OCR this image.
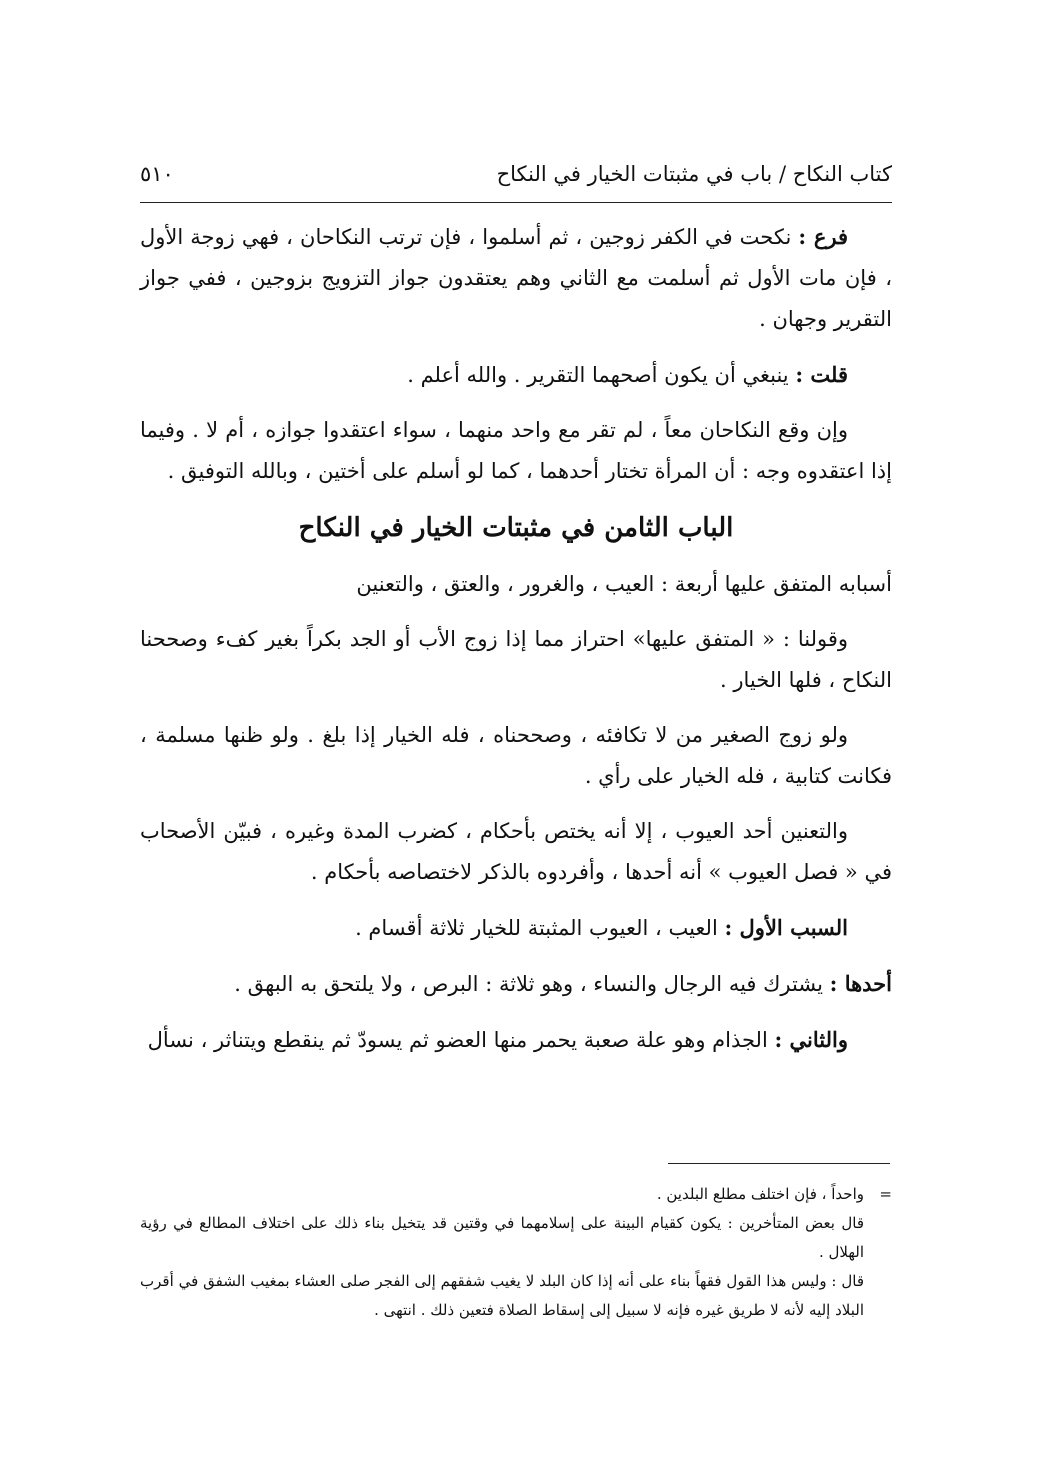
كتاب النكاح / باب في مثبتات الخيار في النكاح
٥١٠

فرع : نكحت في الكفر زوجين ، ثم أسلموا ، فإن ترتب النكاحان ، فهي زوجة الأول ، فإن مات الأول ثم أسلمت مع الثاني وهم يعتقدون جواز التزويج بزوجين ، ففي جواز التقرير وجهان .

قلت : ينبغي أن يكون أصحهما التقرير . والله أعلم .

وإن وقع النكاحان معاً ، لم تقر مع واحد منهما ، سواء اعتقدوا جوازه ، أم لا . وفيما إذا اعتقدوه وجه : أن المرأة تختار أحدهما ، كما لو أسلم على أختين ، وبالله التوفيق .

الباب الثامن في مثبتات الخيار في النكاح

أسبابه المتفق عليها أربعة : العيب ، والغرور ، والعتق ، والتعنين

وقولنا : « المتفق عليها» احتراز مما إذا زوج الأب أو الجد بكراً بغير كفء وصححنا النكاح ، فلها الخيار .

ولو زوج الصغير من لا تكافئه ، وصححناه ، فله الخيار إذا بلغ . ولو ظنها مسلمة ، فكانت كتابية ، فله الخيار على رأي .

والتعنين أحد العيوب ، إلا أنه يختص بأحكام ، كضرب المدة وغيره ، فبيّن الأصحاب في « فصل العيوب » أنه أحدها ، وأفردوه بالذكر لاختصاصه بأحكام .

السبب الأول : العيب ، العيوب المثبتة للخيار ثلاثة أقسام .

أحدها : يشترك فيه الرجال والنساء ، وهو ثلاثة : البرص ، ولا يلتحق به البهق .

والثاني : الجذام وهو علة صعبة يحمر منها العضو ثم يسودّ ثم ينقطع ويتناثر ، نسأل

=
واحداً ، فإن اختلف مطلع البلدين .

قال بعض المتأخرين : يكون كقيام البينة على إسلامهما في وقتين قد يتخيل بناء ذلك على اختلاف المطالع في رؤية الهلال .

قال : وليس هذا القول فقهاً بناء على أنه إذا كان البلد لا يغيب شفقهم إلى الفجر صلى العشاء بمغيب الشفق في أقرب البلاد إليه لأنه لا طريق غيره فإنه لا سبيل إلى إسقاط الصلاة فتعين ذلك . انتهى .
